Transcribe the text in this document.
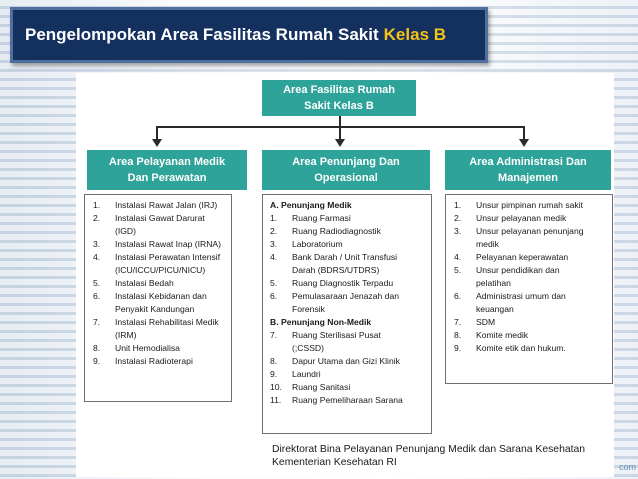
Pengelompokan Area Fasilitas Rumah Sakit Kelas B
Area Fasilitas Rumah
Sakit Kelas B
Area Pelayanan Medik
Dan Perawatan
Area Penunjang Dan
Operasional
Area Administrasi Dan
Manajemen
1.	Instalasi Rawat Jalan (IRJ)
2.	Instalasi Gawat Darurat
(IGD)
3.	Instalasi Rawat Inap (IRNA)
4.	Instalasi Perawatan Intensif
(ICU/ICCU/PICU/NICU)
5.	Instalasi Bedah
6.	Instalasi Kebidanan dan
Penyakit Kandungan
7.	Instalasi Rehabilitasi Medik
(IRM)
8.	Unit Hemodialisa
9.	Instalasi Radioterapi
A. Penunjang Medik
1.	Ruang Farmasi
2.	Ruang Radiodiagnostik
3.	Laboratorium
4.	Bank Darah / Unit Transfusi
Darah (BDRS/UTDRS)
5.	Ruang Diagnostik Terpadu
6.	Pemulasaraan Jenazah dan
Forensik
B. Penunjang Non-Medik
7.	Ruang Sterilisasi Pusat
(;CSSD)
8.	Dapur Utama dan Gizi Klinik
9.	Laundri
10.	Ruang Sanitasi
11.	Ruang Pemeliharaan Sarana
1.	Unsur pimpinan rumah sakit
2.	Unsur pelayanan medik
3.	Unsur pelayanan penunjang
medik
4.	Pelayanan keperawatan
5.	Unsur pendidikan dan
pelatihan
6.	Administrasi umum dan
keuangan
7.	SDM
8.	Komite medik
9.	Komite etik dan hukum.
Direktorat Bina Pelayanan Penunjang Medik dan Sarana Kesehatan
Kementerian Kesehatan RI	com
